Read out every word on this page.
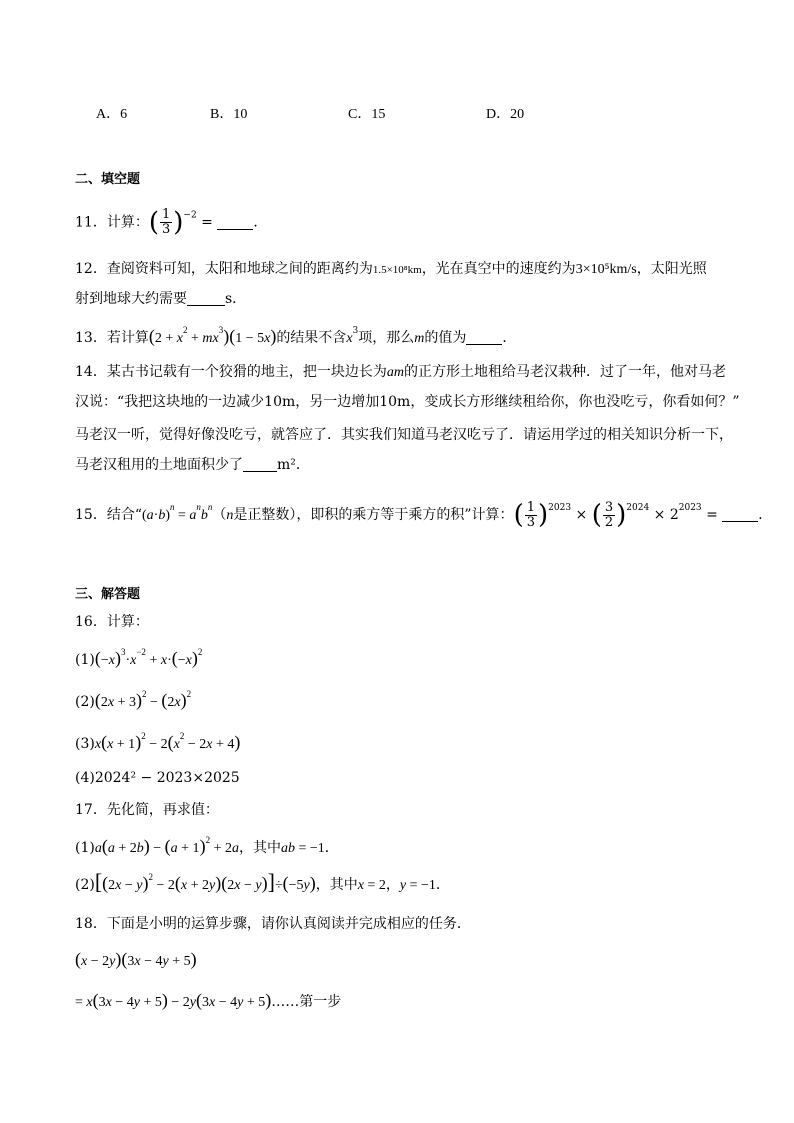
A．6	B．10	C．15	D．20
二、填空题
11．计算：( $\frac{1}{3} )^{-2}$ =	．
12．查阅资料可知，太阳和地球之间的距离约为1.5×10⁸km，光在真空中的速度约为3×10⁵km/s，太阳光照
射到地球大约需要	s．
13．若计算$(2 + x^2 + mx^3)(1 - 5x)$的结果不含$x^3$项，那么m的值为	．
14．某古书记载有一个狡猾的地主，把一块边长为am的正方形土地租给马老汉栽种．过了一年，他对马老
汉说：“我把这块地的一边减少10m，另一边增加10m，变成长方形继续租给你，你也没吃亏，你看如何？”
马老汉一听，觉得好像没吃亏，就答应了．其实我们知道马老汉吃亏了．请运用学过的相关知识分析一下，
马老汉租用的土地面积少了 m²．
15．结合“$(a\cdot b)^n = a^nb^n(n$是正整数），即积的乘方等于乘方的积”计算：( $\frac{1}{3} )^{2023}$ × ( $\frac{3}{2} )^{2024} \times 2^{2023}$ =	．
三、解答题
16．计算：
$(1)(-x)^3\cdot x^{-2} + x\cdot(-x)^2$
$(2)(2x + 3)^2 - (2x)^2$
$(3)x(x + 1)^2 - 2(x^2 - 2x + 4)$
(4)2024² − 2023×2025
17．先化简，再求值：
$(1)a(a + 2b) - (a + 1)^2 + 2a$，其中ab = −1．
$(2)[(2x - y)^2 - 2(x + 2y)(2x - y)]\div(-5y)$，其中x = 2，y = −1．
18．下面是小明的运算步骤，请你认真阅读并完成相应的任务．
(x − 2y)(3x − 4y + 5)
= x(3x − 4y + 5) − 2y(3x − 4y + 5)……第一步
